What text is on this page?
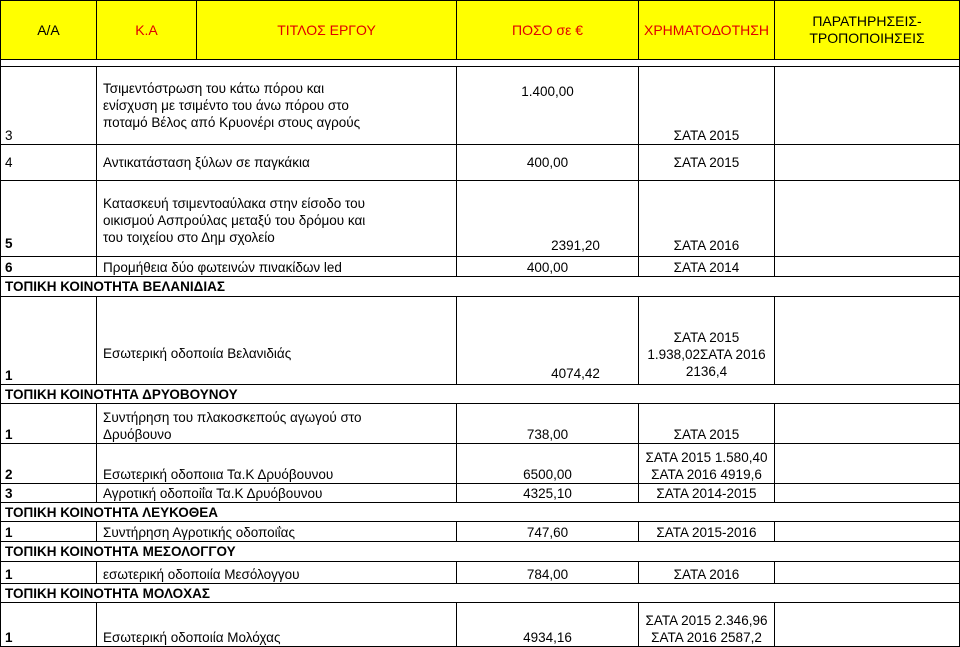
Α/Α	Κ.Α	ΤΙΤΛΟΣ ΕΡΓΟΥ	ΠΟΣΟ σε €	ΧΡΗΜΑΤΟΔΟΤΗΣΗ	ΠΑΡΑΤΗΡΗΣΕΙΣ-ΤΡΟΠΟΠΟΙΗΣΕΙΣ

3	Τσιμεντόστρωση του κάτω πόρου και
ενίσχυση με τσιμέντο του άνω πόρου στο
ποταμό Βέλος από Κρυονέρι στους αγρούς		1.400,00	ΣΑΤΑ 2015	
4	Αντικατάσταση ξύλων σε παγκάκια		400,00	ΣΑΤΑ 2015	
5	Κατασκευή τσιμεντοαύλακα στην είσοδο του
οικισμού Ασπρούλας μεταξύ του δρόμου και
του τοιχείου στο Δημ σχολείο		2391,20	ΣΑΤΑ 2016	
6	Προμήθεια δύο φωτεινών πινακίδων led		400,00	ΣΑΤΑ 2014	
ΤΟΠΙΚΗ ΚΟΙΝΟΤΗΤΑ ΒΕΛΑΝΙΔΙΑΣ					
1	Εσωτερική οδοποιία Βελανιδιάς		4074,42	ΣΑΤΑ 2015
1.938,02ΣΑΤΑ 2016
2136,4	

ΤΟΠΙΚΗ ΚΟΙΝΟΤΗΤΑ ΔΡΥΟΒΟΥΝΟΥ					
1	Συντήρηση του πλακοσκεπούς αγωγού στο
Δρυόβουνο		738,00	ΣΑΤΑ 2015	
2	Εσωτερική οδοποιια Τα.Κ Δρυόβουνου		6500,00	ΣΑΤΑ 2015 1.580,40
ΣΑΤΑ 2016 4919,6	

3	Αγροτική οδοποiΐα Τα.Κ Δρυόβουνου		4325,10	ΣΑΤΑ 2014-2015	
ΤΟΠΙΚΗ ΚΟΙΝΟΤΗΤΑ ΛΕΥΚΟΘΕΑ					
1	Συντήρηση Αγροτικής οδοποιΐας		747,60	ΣΑΤΑ 2015-2016	
ΤΟΠΙΚΗ ΚΟΙΝΟΤΗΤΑ ΜΕΣΟΛΟΓΓΟΥ					
1	εσωτερική οδοποιία Μεσόλογγου		784,00	ΣΑΤΑ 2016	
ΤΟΠΙΚΗ ΚΟΙΝΟΤΗΤΑ ΜΟΛΟΧΑΣ					
1	Εσωτερική οδοποιία Μολόχας		4934,16	ΣΑΤΑ 2015 2.346,96
ΣΑΤΑ 2016 2587,2	
